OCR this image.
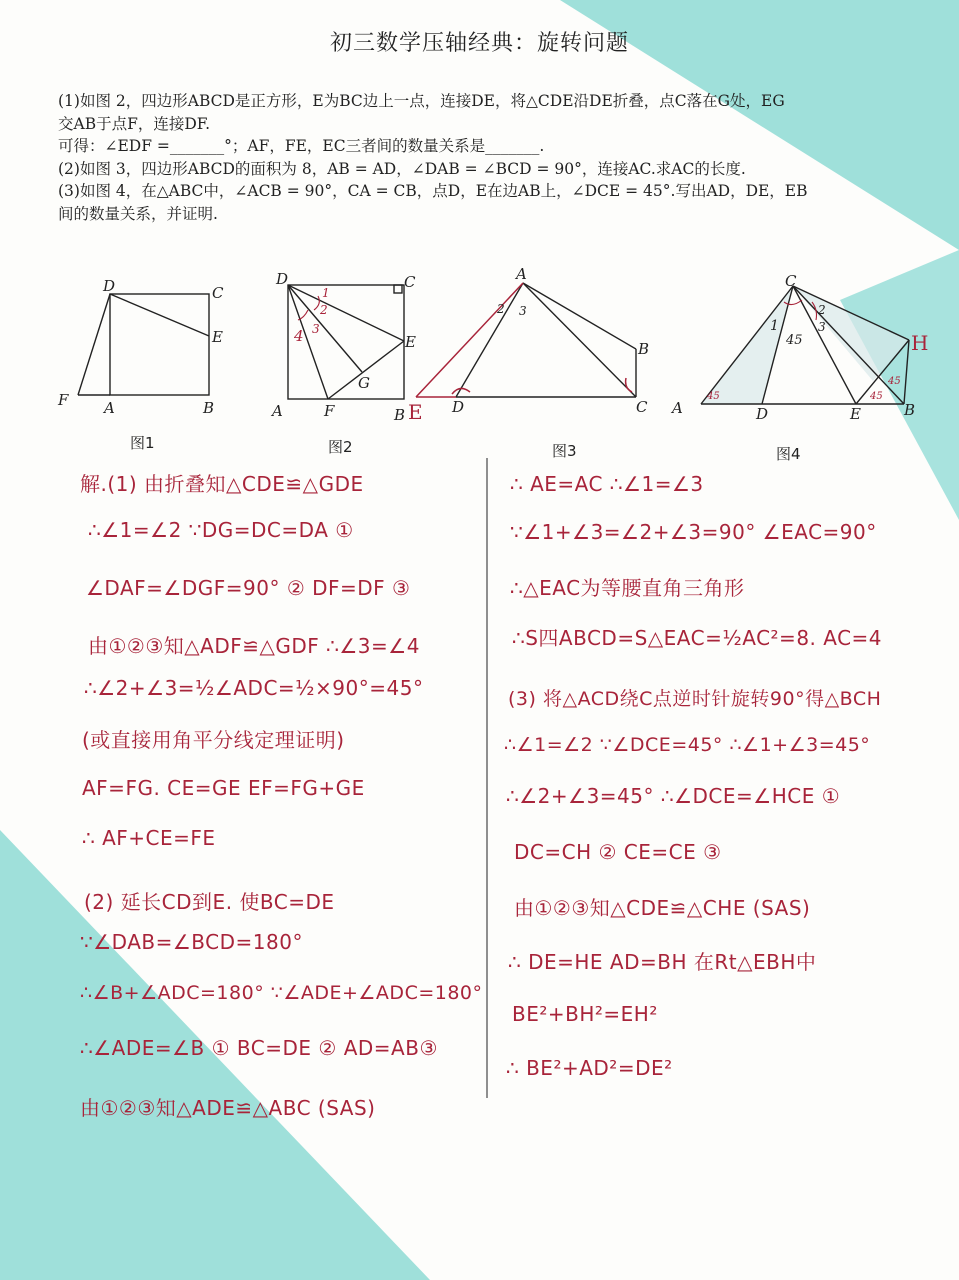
初三数学压轴经典：旋转问题

(1)如图 2，四边形ABCD是正方形，E为BC边上一点，连接DE，将△CDE沿DE折叠，点C落在G处，EG

交AB于点F，连接DF.

可得：∠EDF =_______°；AF，FE，EC三者间的数量关系是_______.

(2)如图 3，四边形ABCD的面积为 8，AB = AD，∠DAB = ∠BCD = 90°，连接AC.求AC的长度.

(3)如图 4，在△ABC中，∠ACB = 90°，CA = CB，点D，E在边AB上，∠DCE = 45°.写出AD，DE，EB

间的数量关系，并证明.

D	C
E
F A	B
D	C
E
G
A	F	B
1
2
3
4
A
B
C
D
E
2 3
C
H
A	D	E	B
1
2
3
45
45
45
45
图1	图2	图3	图4
解.(1) 由折叠知△CDE≌△GDE
∴∠1=∠2 ∵DG=DC=DA ①
∠DAF=∠DGF=90° ② DF=DF ③
由①②③知△ADF≌△GDF ∴∠3=∠4
∴∠2+∠3=½∠ADC=½×90°=45°
(或直接用角平分线定理证明)
AF=FG. CE=GE EF=FG+GE
∴ AF+CE=FE
(2) 延长CD到E. 使BC=DE
∵∠DAB=∠BCD=180°
∴∠B+∠ADC=180° ∵∠ADE+∠ADC=180°
∴∠ADE=∠B ① BC=DE ② AD=AB③
由①②③知△ADE≌△ABC (SAS)
∴ AE=AC ∴∠1=∠3
∵∠1+∠3=∠2+∠3=90° ∠EAC=90°
∴△EAC为等腰直角三角形
∴S四ABCD=S△EAC=½AC²=8. AC=4
(3) 将△ACD绕C点逆时针旋转90°得△BCH
∴∠1=∠2 ∵∠DCE=45° ∴∠1+∠3=45°
∴∠2+∠3=45° ∴∠DCE=∠HCE ①
DC=CH ② CE=CE ③
由①②③知△CDE≌△CHE (SAS)
∴ DE=HE AD=BH 在Rt△EBH中
BE²+BH²=EH²
∴ BE²+AD²=DE²
